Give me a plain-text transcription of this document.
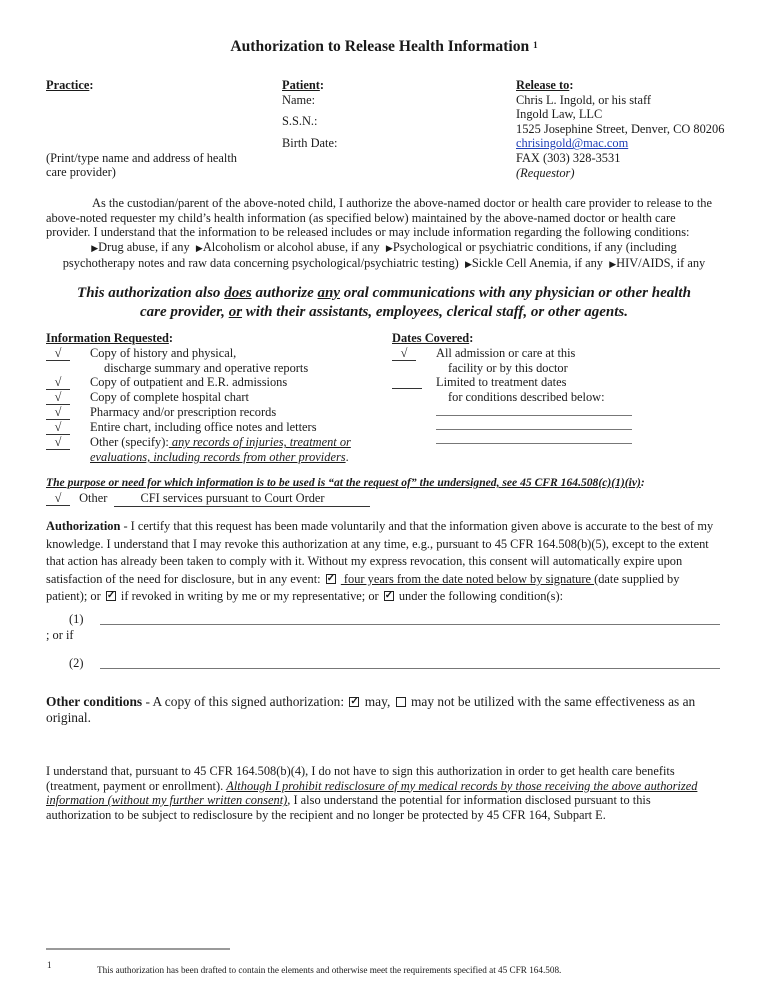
Authorization to Release Health Information $^1$
Practice:
(Print/type name and address of health
care provider)
Patient:
Name:
S.S.N.:
Birth Date:
Release to:
Chris L. Ingold, or his staff
Ingold Law, LLC
1525 Josephine Street, Denver, CO 80206
chrisingold@mac.com
FAX (303) 328-3531
(Requestor)
As the custodian/parent of the above-noted child, I authorize the above-named doctor or health care provider to release to the
above-noted requester my child’s health information (as specified below) maintained by the above-named doctor or health care
provider. I understand that the information to be released includes or may include information regarding the following conditions:
▶Drug abuse, if any ▶Alcoholism or alcohol abuse, if any ▶Psychological or psychiatric conditions, if any (including
psychotherapy notes and raw data concerning psychological/psychiatric testing) ▶Sickle Cell Anemia, if any ▶HIV/AIDS, if any
This authorization also does authorize any oral communications with any physician or other health
care provider, or with their assistants, employees, clerical staff, or other agents.
Information Requested:
√ Copy of history and physical,
discharge summary and operative reports
√ Copy of outpatient and E.R. admissions
√ Copy of complete hospital chart
√ Pharmacy and/or prescription records
√ Entire chart, including office notes and letters
√ Other (specify): any records of injuries, treatment or
evaluations, including records from other providers.
Dates Covered:
√ All admission or care at this
facility or by this doctor
Limited to treatment dates
for conditions described below:
The purpose or need for which information is to be used is “at the request of” the undersigned, see 45 CFR 164.508(c)(1)(iv):
√ Other	CFI services pursuant to Court Order
Authorization - I certify that this request has been made voluntarily and that the information given above is accurate to the best of my
knowledge. I understand that I may revoke this authorization at any time, e.g., pursuant to 45 CFR 164.508(b)(5), except to the extent
that action has already been taken to comply with it. Without my express revocation, this consent will automatically expire upon
satisfaction of the need for disclosure, but in any event: ✓  four years from the date noted below by signature (date supplied by
patient); or ✓ if revoked in writing by me or my representative; or ✓ under the following condition(s):
(1)
; or if
(2)
Other conditions - A copy of this signed authorization: ✓ may,  may not be utilized with the same effectiveness as an
original.
I understand that, pursuant to 45 CFR 164.508(b)(4), I do not have to sign this authorization in order to get health care benefits
(treatment, payment or enrollment). Although I prohibit redisclosure of my medical records by those receiving the above authorized
information (without my further written consent), I also understand the potential for information disclosed pursuant to this
authorization to be subject to redisclosure by the recipient and no longer be protected by 45 CFR 164, Subpart E.
1	This authorization has been drafted to contain the elements and otherwise meet the requirements specified at 45 CFR 164.508.
